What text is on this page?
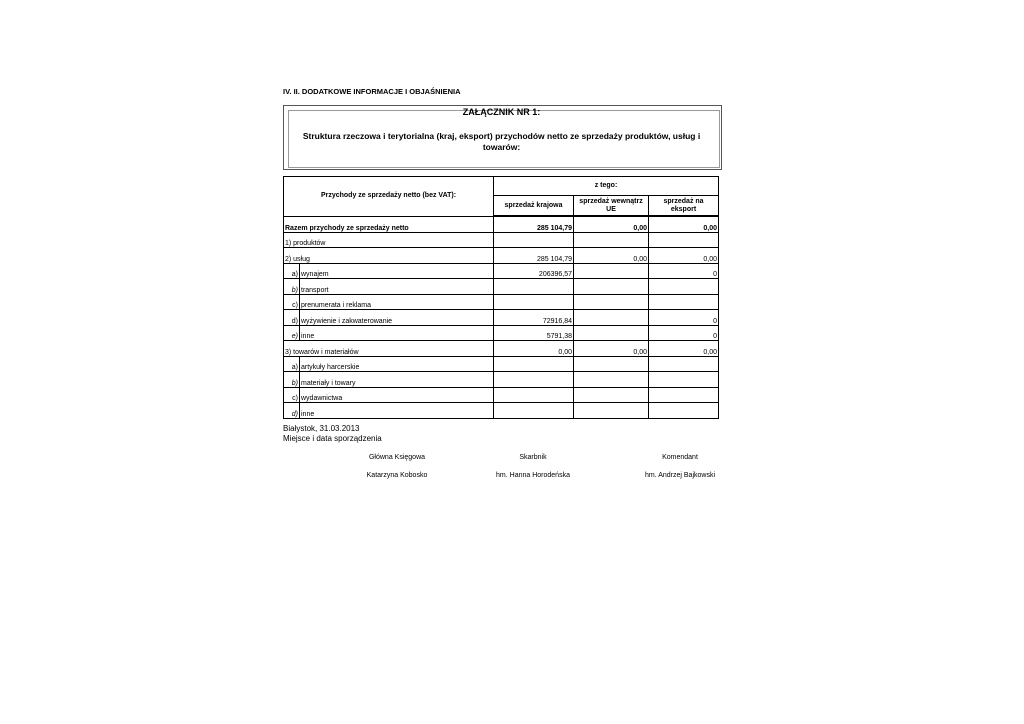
IV. II. DODATKOWE INFORMACJE I OBJAŚNIENIA
ZAŁĄCZNIK NR 1:
Struktura rzeczowa i terytorialna (kraj, eksport) przychodów netto ze sprzedaży produktów, usług i towarów:
Przychody ze sprzedaży netto (bez VAT):		z tego:		
		sprzedaż krajowa	sprzedaż wewnątrz UE	sprzedaż na eksport
Razem przychody ze sprzedaży netto		285 104,79	0,00	0,00
1) produktów				
2) usług		285 104,79	0,00	0,00
a)	wynajem	206396,57		0
b)	transport			
c)	prenumerata i reklama			
d)	wyżywienie i zakwaterowanie	72916,84		0
e)	inne	5791,38		0
3) towarów i materiałów		0,00	0,00	0,00
a)	artykuły harcerskie			
b)	materiały i towary			
c)	wydawnictwa			
d)	inne			
Białystok, 31.03.2013
Miejsce i data sporządzenia
Główna Księgowa
Katarzyna Kobosko
Skarbnik
hm. Hanna Horodeńska
Komendant
hm. Andrzej Bajkowski
